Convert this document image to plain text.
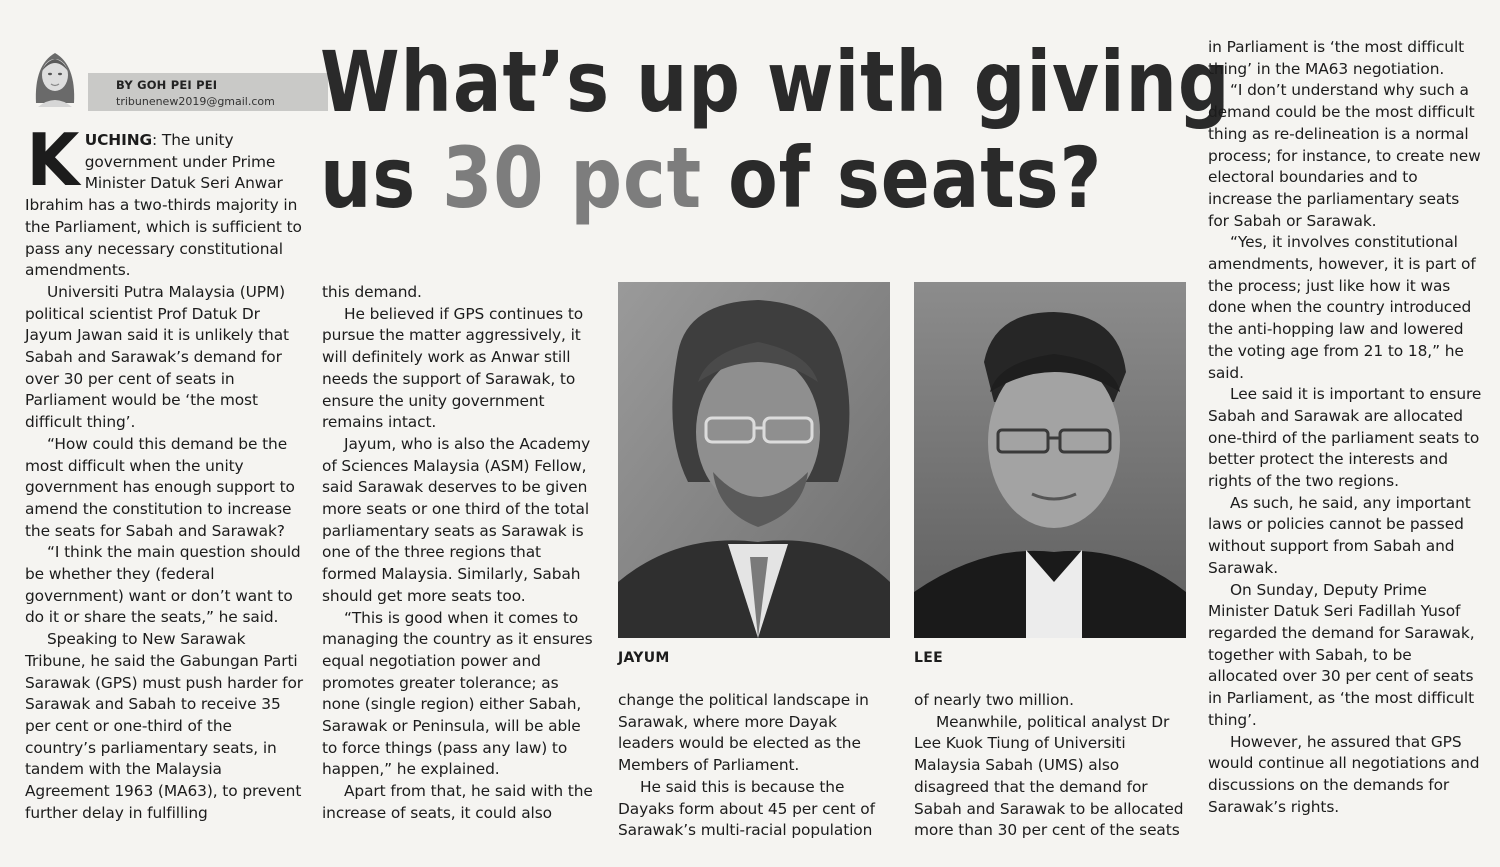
BY GOH PEI PEI
tribunenew2019@gmail.com What’s up with giving
us 30 pct of seats?

KUCHING: The unity government under Prime Minister Datuk Seri Anwar Ibrahim has a two-thirds majority in the Parliament, which is sufficient to pass any necessary constitutional amendments.

Universiti Putra Malaysia (UPM) political scientist Prof Datuk Dr Jayum Jawan said it is unlikely that Sabah and Sarawak’s demand for over 30 per cent of seats in Parliament would be ‘the most difficult thing’.

“How could this demand be the most difficult when the unity government has enough support to amend the constitution to increase the seats for Sabah and Sarawak?

“I think the main question should be whether they (federal government) want or don’t want to do it or share the seats,” he said.

Speaking to New Sarawak Tribune, he said the Gabungan Parti Sarawak (GPS) must push harder for Sarawak and Sabah to receive 35 per cent or one-third of the country’s parliamentary seats, in tandem with the Malaysia Agreement 1963 (MA63), to prevent further delay in fulfilling

this demand.

He believed if GPS continues to pursue the matter aggressively, it will definitely work as Anwar still needs the support of Sarawak, to ensure the unity government remains intact.

Jayum, who is also the Academy of Sciences Malaysia (ASM) Fellow, said Sarawak deserves to be given more seats or one third of the total parliamentary seats as Sarawak is one of the three regions that formed Malaysia. Similarly, Sabah should get more seats too.

“This is good when it comes to managing the country as it ensures equal negotiation power and promotes greater tolerance; as none (single region) either Sabah, Sarawak or Peninsula, will be able to force things (pass any law) to happen,” he explained.

Apart from that, he said with the increase of seats, it could also

JAYUM	LEE

change the political landscape in Sarawak, where more Dayak leaders would be elected as the Members of Parliament.

He said this is because the Dayaks form about 45 per cent of Sarawak’s multi-racial population

of nearly two million.

Meanwhile, political analyst Dr Lee Kuok Tiung of Universiti Malaysia Sabah (UMS) also disagreed that the demand for Sabah and Sarawak to be allocated more than 30 per cent of the seats

in Parliament is ‘the most difficult thing’ in the MA63 negotiation.

“I don’t understand why such a demand could be the most difficult thing as re-delineation is a normal process; for instance, to create new electoral boundaries and to increase the parliamentary seats for Sabah or Sarawak.

“Yes, it involves constitutional amendments, however, it is part of the process; just like how it was done when the country introduced the anti-hopping law and lowered the voting age from 21 to 18,” he said.

Lee said it is important to ensure Sabah and Sarawak are allocated one-third of the parliament seats to better protect the interests and rights of the two regions.

As such, he said, any important laws or policies cannot be passed without support from Sabah and Sarawak.

On Sunday, Deputy Prime Minister Datuk Seri Fadillah Yusof regarded the demand for Sarawak, together with Sabah, to be allocated over 30 per cent of seats in Parliament, as ‘the most difficult thing’.

However, he assured that GPS would continue all negotiations and discussions on the demands for Sarawak’s rights.
